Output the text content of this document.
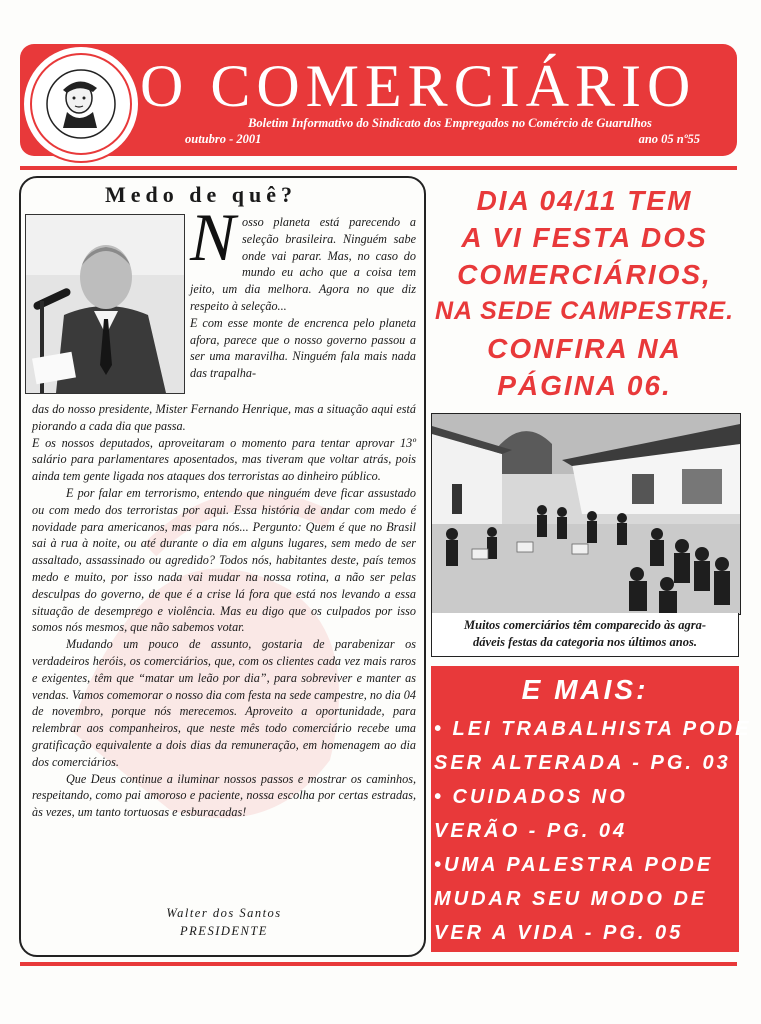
O COMERCIÁRIO
Boletim Informativo do Sindicato dos Empregados no Comércio de Guarulhos
outubro - 2001	ano 05 nº55
Medo de quê?
N osso planeta está parecendo a seleção brasileira. Ninguém sabe onde vai parar. Mas, no caso do mundo eu acho que a coisa tem jeito, um dia melhora. Agora no que diz respeito à seleção...

E com esse monte de encrenca pelo planeta afora, parece que o nosso governo passou a ser uma maravilha. Ninguém fala mais nada das trapalha-

das do nosso presidente, Mister Fernando Henrique, mas a situação aqui está piorando a cada dia que passa.

E os nossos deputados, aproveitaram o momento para tentar aprovar 13º salário para parlamentares aposentados, mas tiveram que voltar atrás, pois ainda tem gente ligada nos ataques dos terroristas ao dinheiro público.

E por falar em terrorismo, entendo que ninguém deve ficar assustado ou com medo dos terroristas por aqui. Essa história de andar com medo é novidade para americanos, mas para nós... Pergunto: Quem é que no Brasil sai à rua à noite, ou até durante o dia em alguns lugares, sem medo de ser assaltado, assassinado ou agredido? Todos nós, habitantes deste, país temos medo e muito, por isso nada vai mudar na nossa rotina, a não ser pelas desculpas do governo, de que é a crise lá fora que está nos levando a essa situação de desemprego e violência. Mas eu digo que os culpados por isso somos nós mesmos, que não sabemos votar.

Mudando um pouco de assunto, gostaria de parabenizar os verdadeiros heróis, os comerciários, que, com os clientes cada vez mais raros e exigentes, têm que “matar um leão por dia”, para sobreviver e manter as vendas. Vamos comemorar o nosso dia com festa na sede campestre, no dia 04 de novembro, porque nós merecemos. Aproveito a oportunidade, para relembrar aos companheiros, que neste mês todo comerciário recebe uma gratificação equivalente a dois dias da remuneração, em homenagem ao dia dos comerciários.

Que Deus continue a iluminar nossos passos e mostrar os caminhos, respeitando, como pai amoroso e paciente, nossa escolha por certas estradas, às vezes, um tanto tortuosas e esburacadas!

Walter dos Santos
PRESIDENTE
DIA 04/11 TEM
A VI FESTA DOS
COMERCIÁRIOS,
NA SEDE CAMPESTRE.
CONFIRA NA
PÁGINA 06.
Muitos comerciários têm comparecido às agra-
dáveis festas da categoria nos últimos anos.
E MAIS:
• LEI TRABALHISTA PODE
SER ALTERADA - PG. 03
• CUIDADOS NO
VERÃO - PG. 04
•UMA PALESTRA PODE
MUDAR SEU MODO DE
VER A VIDA - PG. 05
